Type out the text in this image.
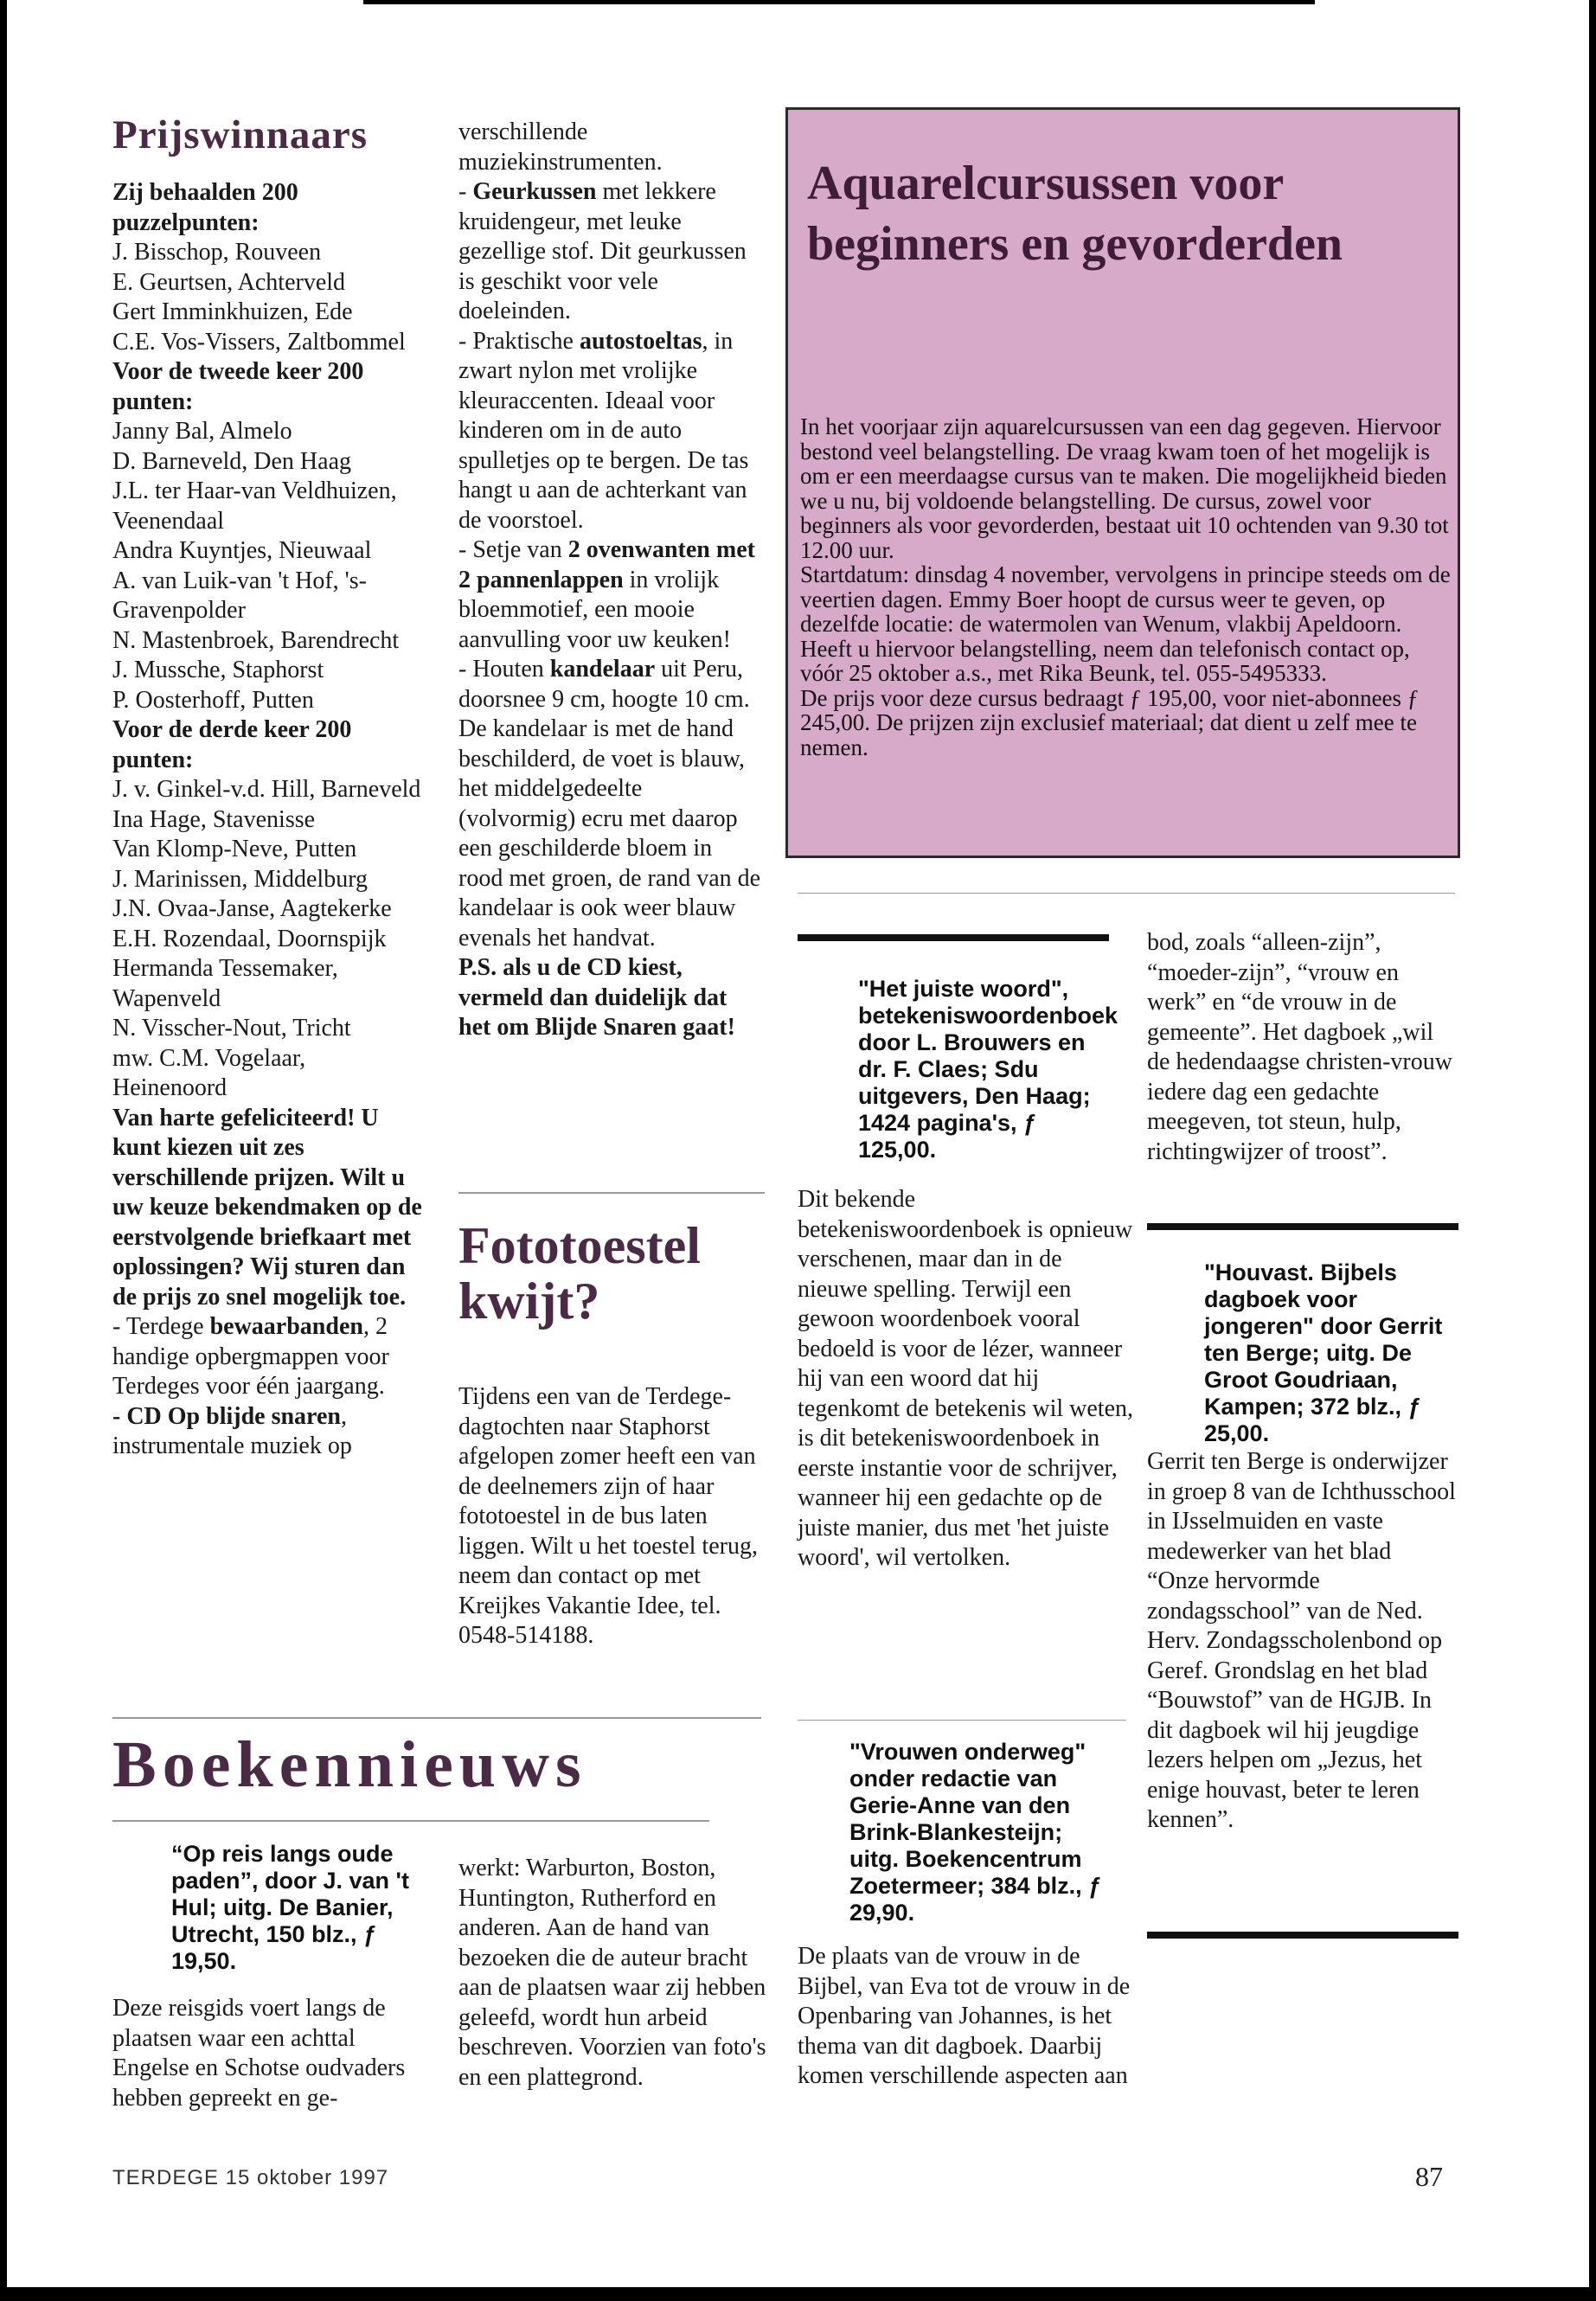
Prijswinnaars

Zij behaalden 200 puzzelpunten:

J. Bisschop, Rouveen

E. Geurtsen, Achterveld

Gert Imminkhuizen, Ede

C.E. Vos-Vissers, Zaltbommel

Voor de tweede keer 200 punten:

Janny Bal, Almelo

D. Barneveld, Den Haag

J.L. ter Haar-van Veldhuizen, Veenendaal

Andra Kuyntjes, Nieuwaal

A. van Luik-van 't Hof, 's-Gravenpolder

N. Mastenbroek, Barendrecht

J. Mussche, Staphorst

P. Oosterhoff, Putten

Voor de derde keer 200 punten:

J. v. Ginkel-v.d. Hill, Barneveld

Ina Hage, Stavenisse

Van Klomp-Neve, Putten

J. Marinissen, Middelburg

J.N. Ovaa-Janse, Aagtekerke

E.H. Rozendaal, Doornspijk

Hermanda Tessemaker, Wapenveld

N. Visscher-Nout, Tricht

mw. C.M. Vogelaar, Heinenoord

Van harte gefeliciteerd! U kunt kiezen uit zes verschillende prijzen. Wilt u uw keuze bekendmaken op de eerstvolgende briefkaart met oplossingen? Wij sturen dan de prijs zo snel mogelijk toe.

- Terdege bewaarbanden, 2 handige opbergmappen voor Terdeges voor één jaargang.

- CD Op blijde snaren, instrumentale muziek op

verschillende muziekinstrumenten.

- Geurkussen met lekkere kruidengeur, met leuke gezellige stof. Dit geurkussen is geschikt voor vele doeleinden.

- Praktische autostoeltas, in zwart nylon met vrolijke kleuraccenten. Ideaal voor kinderen om in de auto spulletjes op te bergen. De tas hangt u aan de achterkant van de voorstoel.

- Setje van 2 ovenwanten met 2 pannenlappen in vrolijk bloemmotief, een mooie aanvulling voor uw keuken!

- Houten kandelaar uit Peru, doorsnee 9 cm, hoogte 10 cm. De kandelaar is met de hand beschilderd, de voet is blauw, het middelgedeelte (volvormig) ecru met daarop een geschilderde bloem in rood met groen, de rand van de kandelaar is ook weer blauw evenals het handvat.

P.S. als u de CD kiest, vermeld dan duidelijk dat het om Blijde Snaren gaat!

Fototoestel kwijt?
Tijdens een van de Terdege-dagtochten naar Staphorst afgelopen zomer heeft een van de deelnemers zijn of haar fototoestel in de bus laten liggen. Wilt u het toestel terug, neem dan contact op met Kreijkes Vakantie Idee, tel. 0548-514188.
Aquarelcursussen voor beginners en gevorderden

In het voorjaar zijn aquarelcursussen van een dag gegeven. Hiervoor bestond veel belangstelling. De vraag kwam toen of het mogelijk is om er een meerdaagse cursus van te maken. Die mogelijkheid bieden we u nu, bij voldoende belangstelling. De cursus, zowel voor beginners als voor gevorderden, bestaat uit 10 ochtenden van 9.30 tot 12.00 uur.

Startdatum: dinsdag 4 november, vervolgens in principe steeds om de veertien dagen. Emmy Boer hoopt de cursus weer te geven, op dezelfde locatie: de watermolen van Wenum, vlakbij Apeldoorn.

Heeft u hiervoor belangstelling, neem dan telefonisch contact op, vóór 25 oktober a.s., met Rika Beunk, tel. 055-5495333.

De prijs voor deze cursus bedraagt ƒ 195,00, voor niet-abonnees ƒ 245,00. De prijzen zijn exclusief materiaal; dat dient u zelf mee te nemen.

"Het juiste woord", betekeniswoordenboek door L. Brouwers en dr. F. Claes; Sdu uitgevers, Den Haag; 1424 pagina's, ƒ 125,00.
Dit bekende betekeniswoordenboek is opnieuw verschenen, maar dan in de nieuwe spelling. Terwijl een gewoon woordenboek vooral bedoeld is voor de lézer, wanneer hij van een woord dat hij tegenkomt de betekenis wil weten, is dit betekeniswoordenboek in eerste instantie voor de schrijver, wanneer hij een gedachte op de juiste manier, dus met 'het juiste woord', wil vertolken.
"Vrouwen onderweg" onder redactie van Gerie-Anne van den Brink-Blankesteijn; uitg. Boekencentrum Zoetermeer; 384 blz., ƒ 29,90.
De plaats van de vrouw in de Bijbel, van Eva tot de vrouw in de Openbaring van Johannes, is het thema van dit dagboek. Daarbij komen verschillende aspecten aan
bod, zoals “alleen-zijn”, “moeder-zijn”, “vrouw en werk” en “de vrouw in de gemeente”. Het dagboek „wil de hedendaagse christen-vrouw iedere dag een gedachte meegeven, tot steun, hulp, richtingwijzer of troost”.
"Houvast. Bijbels dagboek voor jongeren" door Gerrit ten Berge; uitg. De Groot Goudriaan, Kampen; 372 blz., ƒ 25,00.
Gerrit ten Berge is onderwijzer in groep 8 van de Ichthusschool in IJsselmuiden en vaste medewerker van het blad “Onze hervormde zondagsschool” van de Ned. Herv. Zondagsscholenbond op Geref. Grondslag en het blad “Bouwstof” van de HGJB. In dit dagboek wil hij jeugdige lezers helpen om „Jezus, het enige houvast, beter te leren kennen”.
Boekennieuws
“Op reis langs oude paden”, door J. van 't Hul; uitg. De Banier, Utrecht, 150 blz., ƒ 19,50.
Deze reisgids voert langs de plaatsen waar een achttal Engelse en Schotse oudvaders hebben gepreekt en ge-
werkt: Warburton, Boston, Huntington, Rutherford en anderen. Aan de hand van bezoeken die de auteur bracht aan de plaatsen waar zij hebben geleefd, wordt hun arbeid beschreven. Voorzien van foto's en een plattegrond.
TERDEGE 15 oktober 1997	87
